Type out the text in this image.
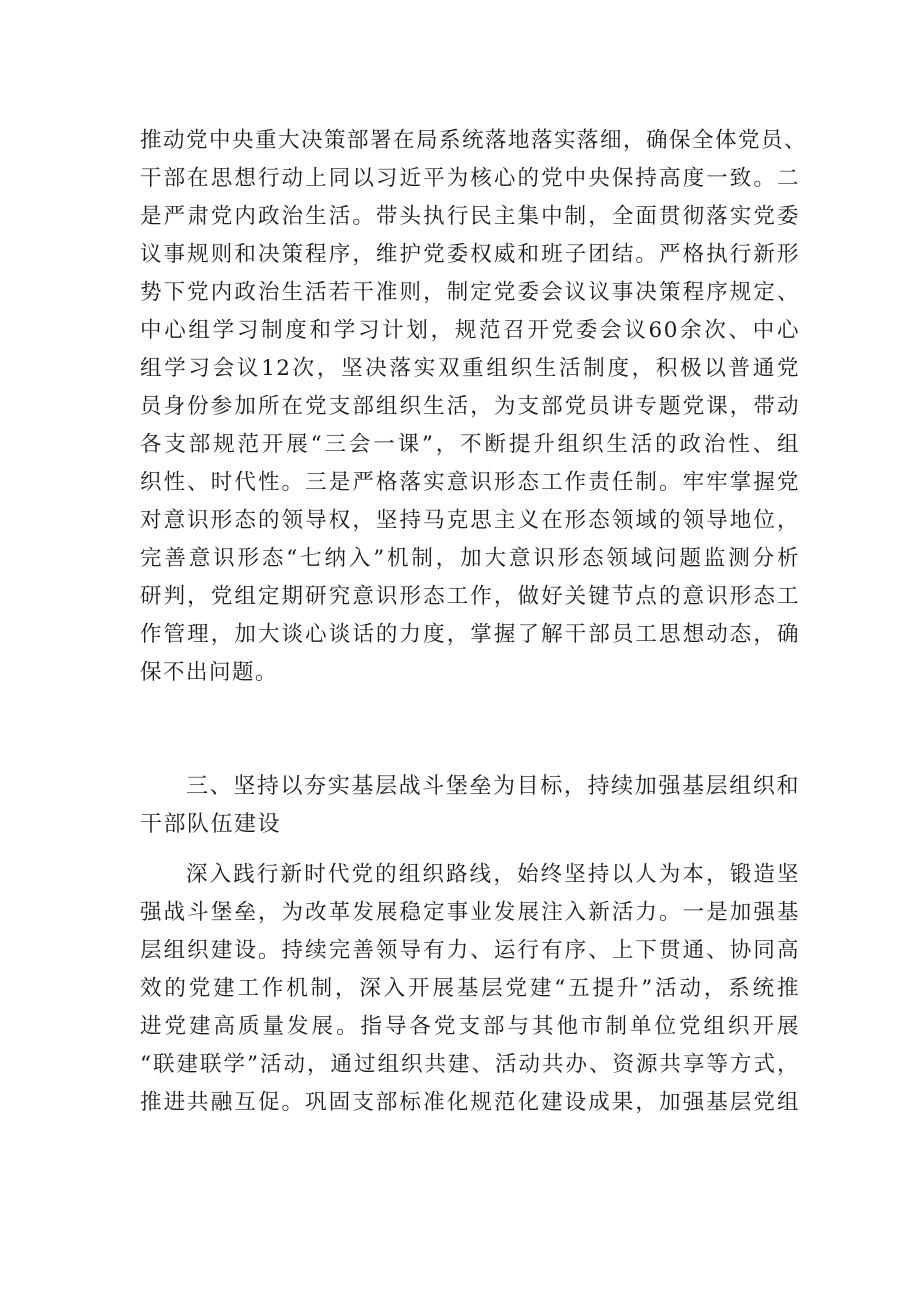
推动党中央重大决策部署在局系统落地落实落细，确保全体党员、
干部在思想行动上同以习近平为核心的党中央保持高度一致。二
是严肃党内政治生活。带头执行民主集中制，全面贯彻落实党委
议事规则和决策程序，维护党委权威和班子团结。严格执行新形
势下党内政治生活若干准则，制定党委会议议事决策程序规定、
中心组学习制度和学习计划，规范召开党委会议60余次、中心
组学习会议12次，坚决落实双重组织生活制度，积极以普通党
员身份参加所在党支部组织生活，为支部党员讲专题党课，带动
各支部规范开展“三会一课”，不断提升组织生活的政治性、组
织性、时代性。三是严格落实意识形态工作责任制。牢牢掌握党
对意识形态的领导权，坚持马克思主义在形态领域的领导地位，
完善意识形态“七纳入”机制，加大意识形态领域问题监测分析
研判，党组定期研究意识形态工作，做好关键节点的意识形态工
作管理，加大谈心谈话的力度，掌握了解干部员工思想动态，确
保不出问题。
三、坚持以夯实基层战斗堡垒为目标，持续加强基层组织和
干部队伍建设
深入践行新时代党的组织路线，始终坚持以人为本，锻造坚
强战斗堡垒，为改革发展稳定事业发展注入新活力。一是加强基
层组织建设。持续完善领导有力、运行有序、上下贯通、协同高
效的党建工作机制，深入开展基层党建“五提升”活动，系统推
进党建高质量发展。指导各党支部与其他市制单位党组织开展
“联建联学”活动，通过组织共建、活动共办、资源共享等方式，
推进共融互促。巩固支部标准化规范化建设成果，加强基层党组
